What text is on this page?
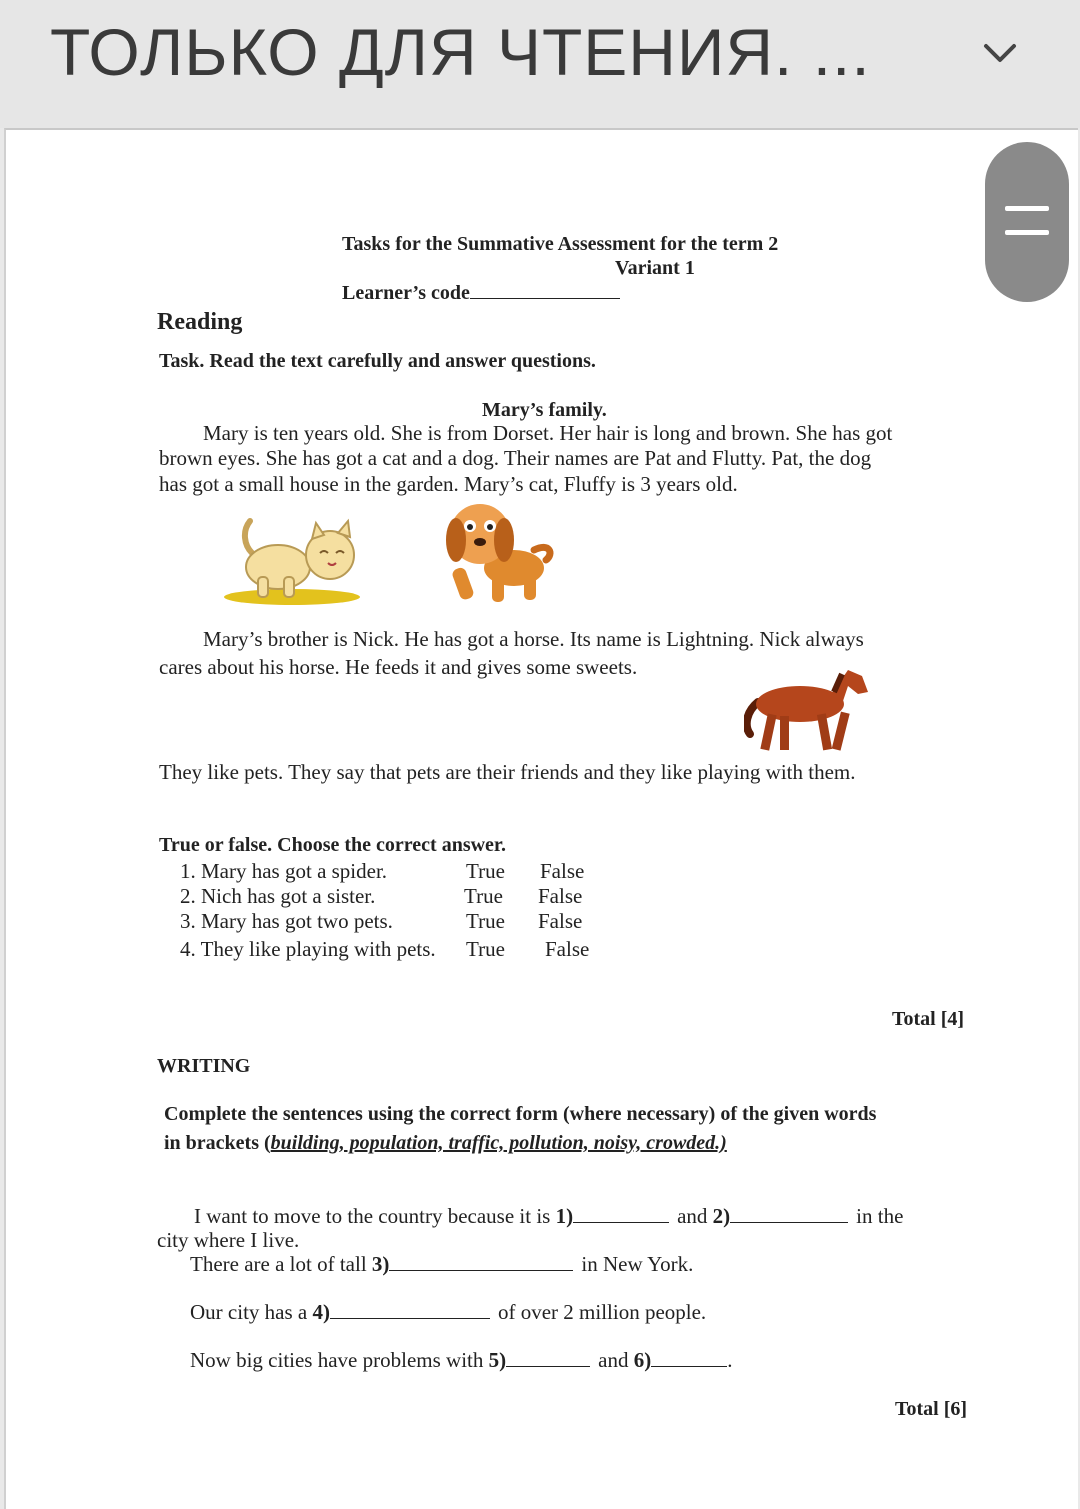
ТОЛЬКО ДЛЯ ЧТЕНИЯ. ...
Tasks for the Summative Assessment for the term 2
Variant 1
Learner’s code
Reading
Task. Read the text carefully and answer questions.
Mary’s family.
Mary is ten years old. She is from Dorset. Her hair is long and brown. She has got
brown eyes. She has got a cat and a dog. Their names are Pat and Flutty. Pat, the dog
has got a small house in the garden. Mary’s cat, Fluffy is 3 years old.
Mary’s brother is Nick. He has got a horse. Its name is Lightning. Nick always
cares about his horse. He feeds it and gives some sweets.
They like pets. They say that pets are their friends and they like playing with them.
True or false. Choose the correct answer.
1. Mary has got a spider.	True False
2. Nich has got a sister.	True False
3. Mary has got two pets.	True False
4. They like playing with pets. True False
Total [4]
WRITING
Complete the sentences using the correct form (where necessary) of the given words
in brackets (building, population, traffic, pollution, noisy, crowded.)
I want to move to the country because it is 1)	and 2)	in the
city where I live.
There are a lot of tall 3)	in New York.
Our city has a 4)	of over 2 million people.
Now big cities have problems with 5)	and 6)	.
Total [6]
